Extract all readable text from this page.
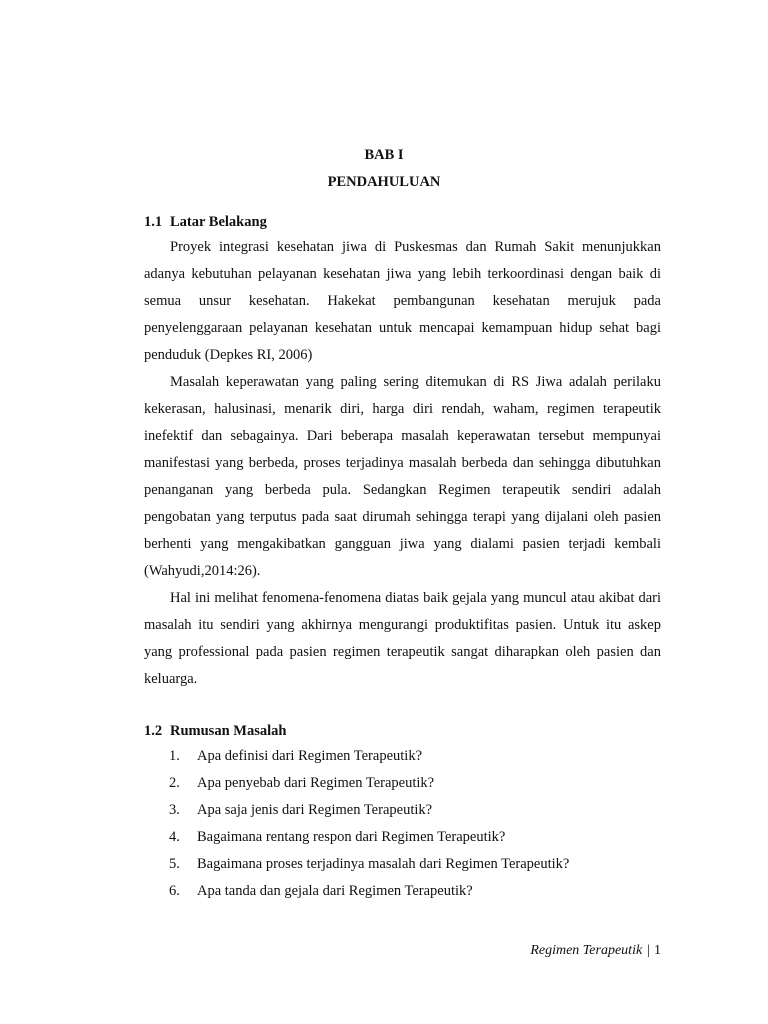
BAB I
PENDAHULUAN
1.1 Latar Belakang

Proyek integrasi kesehatan jiwa di Puskesmas dan Rumah Sakit menunjukkan adanya kebutuhan pelayanan kesehatan jiwa yang lebih terkoordinasi dengan baik di semua unsur kesehatan. Hakekat pembangunan kesehatan merujuk pada penyelenggaraan pelayanan kesehatan untuk mencapai kemampuan hidup sehat bagi penduduk (Depkes RI, 2006)

Masalah keperawatan yang paling sering ditemukan di RS Jiwa adalah perilaku kekerasan, halusinasi, menarik diri, harga diri rendah, waham, regimen terapeutik inefektif dan sebagainya. Dari beberapa masalah keperawatan tersebut mempunyai manifestasi yang berbeda, proses terjadinya masalah berbeda dan sehingga dibutuhkan penanganan yang berbeda pula. Sedangkan Regimen terapeutik sendiri adalah pengobatan yang terputus pada saat dirumah sehingga terapi yang dijalani oleh pasien berhenti yang mengakibatkan gangguan jiwa yang dialami pasien terjadi kembali (Wahyudi,2014:26).

Hal ini melihat fenomena-fenomena diatas baik gejala yang muncul atau akibat dari masalah itu sendiri yang akhirnya mengurangi produktifitas pasien. Untuk itu askep yang professional pada pasien regimen terapeutik sangat diharapkan oleh pasien dan keluarga.

1.2 Rumusan Masalah
1. Apa definisi dari Regimen Terapeutik?
2. Apa penyebab dari Regimen Terapeutik?
3. Apa saja jenis dari Regimen Terapeutik?
4. Bagaimana rentang respon dari Regimen Terapeutik?
5. Bagaimana proses terjadinya masalah dari Regimen Terapeutik?
6. Apa tanda dan gejala dari Regimen Terapeutik?
Regimen Terapeutik | 1
